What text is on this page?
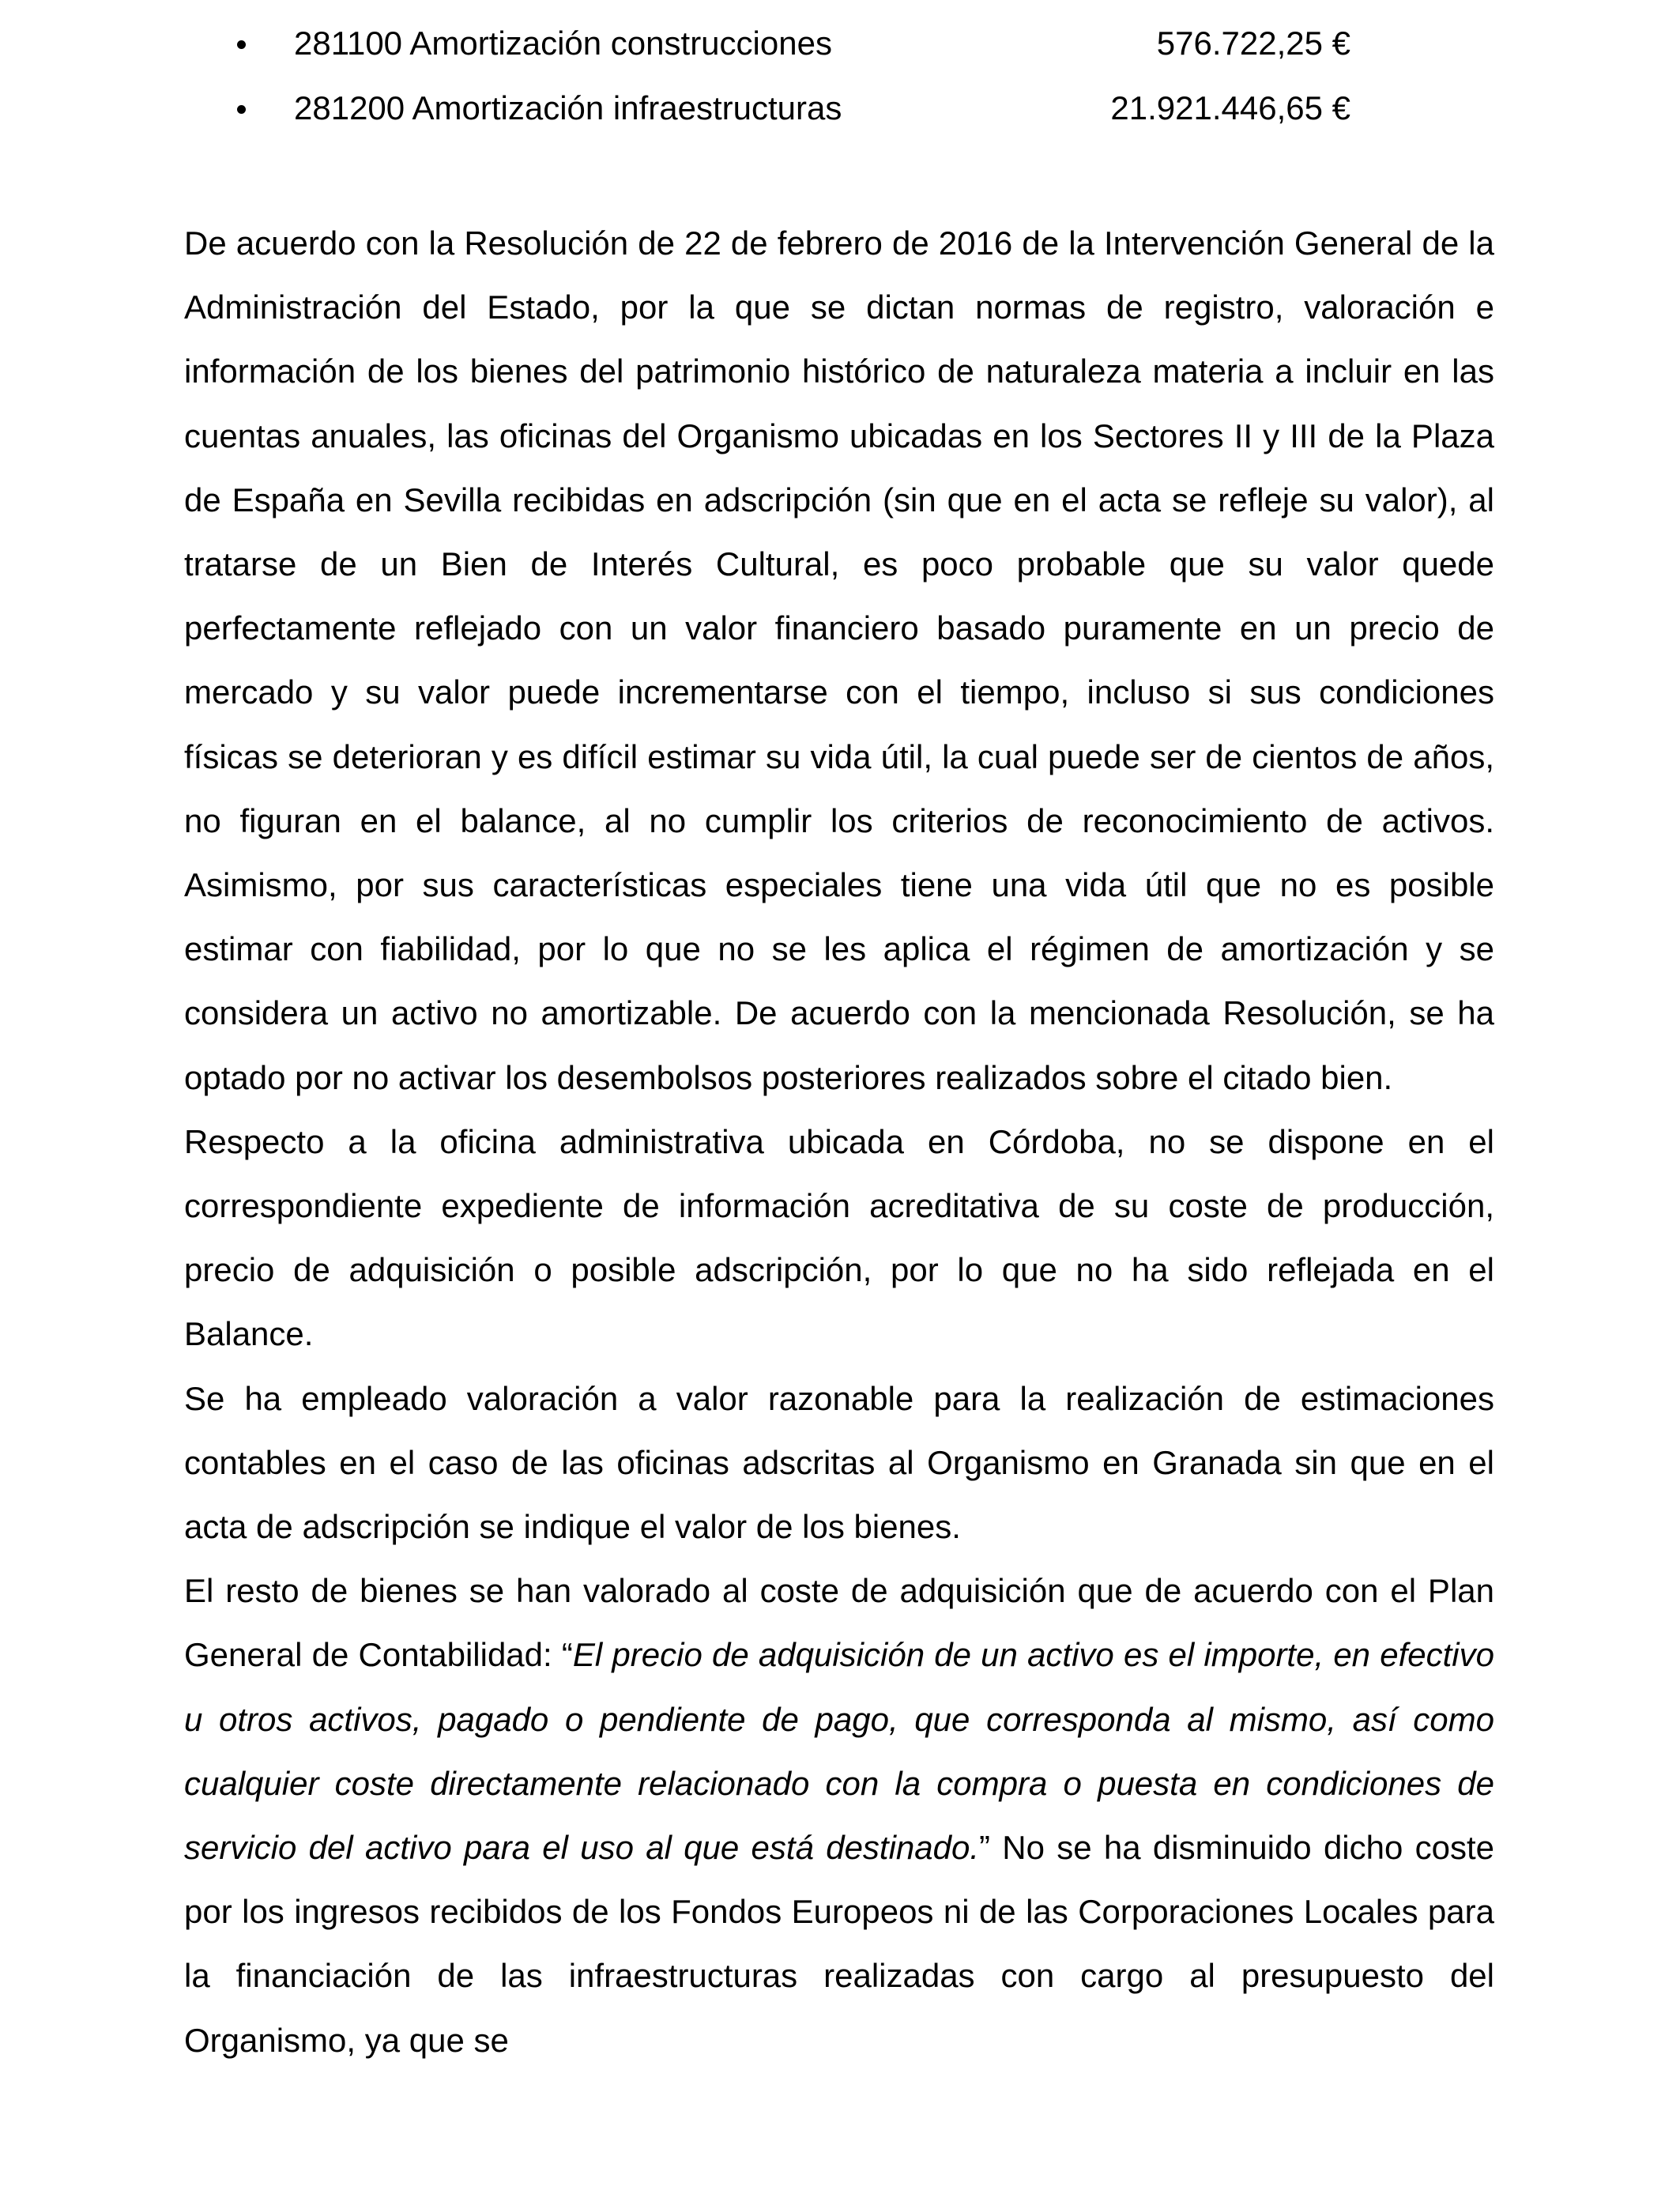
281100 Amortización construcciones	576.722,25 €
281200 Amortización infraestructuras	21.921.446,65 €

De acuerdo con la Resolución de 22 de febrero de 2016 de la Intervención General de la Administración del Estado, por la que se dictan normas de registro, valoración e información de los bienes del patrimonio histórico de naturaleza materia a incluir en las cuentas anuales, las oficinas del Organismo ubicadas en los Sectores II y III de la Plaza de España en Sevilla recibidas en adscripción (sin que en el acta se refleje su valor), al tratarse de un Bien de Interés Cultural, es poco probable que su valor quede perfectamente reflejado con un valor financiero basado puramente en un precio de mercado y su valor puede incrementarse con el tiempo, incluso si sus condiciones físicas se deterioran y es difícil estimar su vida útil, la cual puede ser de cientos de años, no figuran en el balance, al no cumplir los criterios de reconocimiento de activos. Asimismo, por sus características especiales tiene una vida útil que no es posible estimar con fiabilidad, por lo que no se les aplica el régimen de amortización y se considera un activo no amortizable. De acuerdo con la mencionada Resolución, se ha optado por no activar los desembolsos posteriores realizados sobre el citado bien.

Respecto a la oficina administrativa ubicada en Córdoba, no se dispone en el correspondiente expediente de información acreditativa de su coste de producción, precio de adquisición o posible adscripción, por lo que no ha sido reflejada en el Balance.

Se ha empleado valoración a valor razonable para la realización de estimaciones contables en el caso de las oficinas adscritas al Organismo en Granada sin que en el acta de adscripción se indique el valor de los bienes.

El resto de bienes se han valorado al coste de adquisición que de acuerdo con el Plan General de Contabilidad: “El precio de adquisición de un activo es el importe, en efectivo u otros activos, pagado o pendiente de pago, que corresponda al mismo, así como cualquier coste directamente relacionado con la compra o puesta en condiciones de servicio del activo para el uso al que está destinado.” No se ha disminuido dicho coste por los ingresos recibidos de los Fondos Europeos ni de las Corporaciones Locales para la financiación de las infraestructuras realizadas con cargo al presupuesto del Organismo, ya que se
